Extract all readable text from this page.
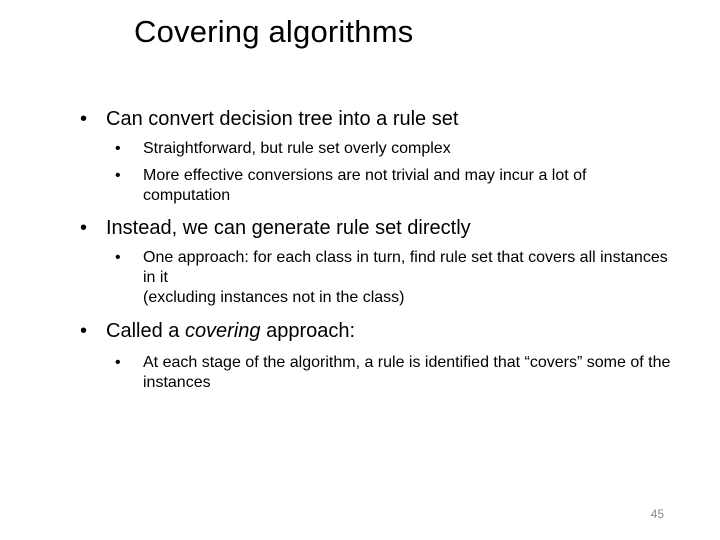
Covering algorithms
• Can convert decision tree into a rule set
•	Straightforward, but rule set overly complex
•	More effective conversions are not trivial and may incur a lot of computation
• Instead, we can generate rule set directly
•	One approach: for each class in turn, find rule set that covers all instances in it
(excluding instances not in the class)
• Called a covering approach:
•	At each stage of the algorithm, a rule is identified that “covers” some of the instances
45
